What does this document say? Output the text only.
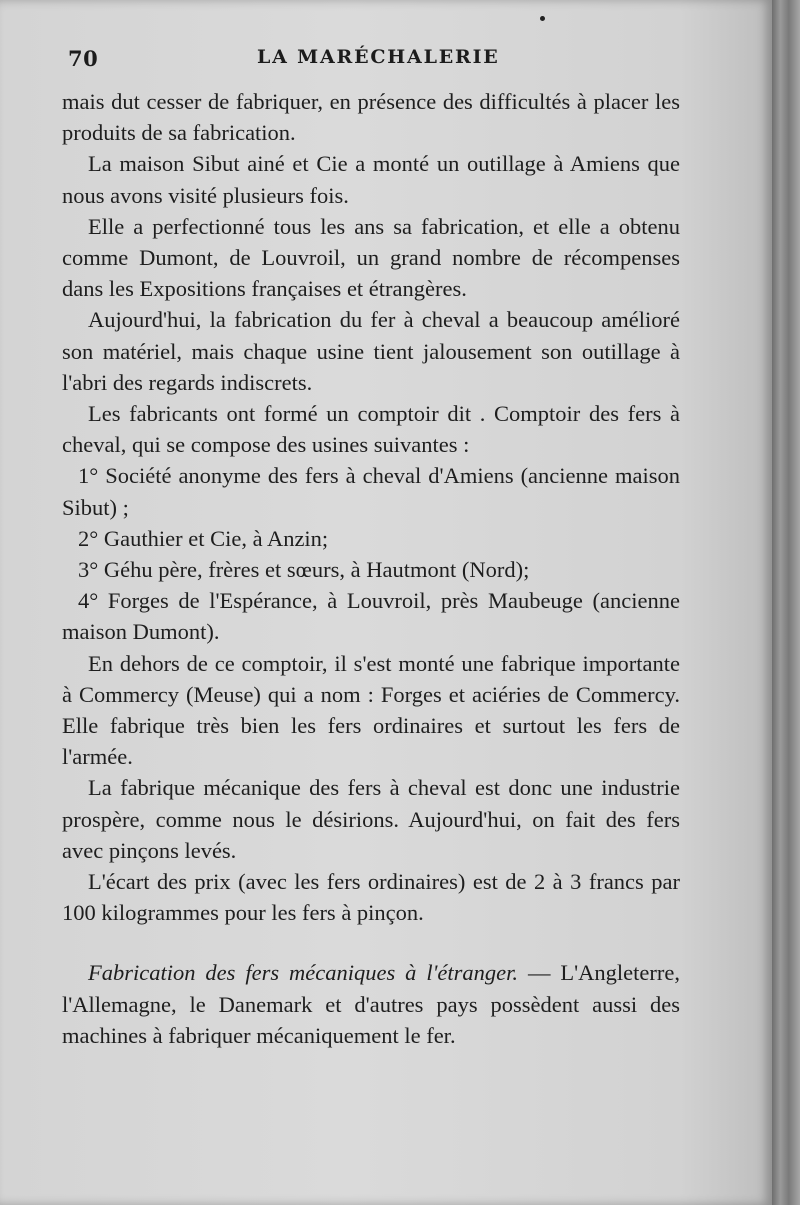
70	LA MARÉCHALERIE

mais dut cesser de fabriquer, en présence des difficultés à placer les produits de sa fabrication.

La maison Sibut ainé et Cie a monté un outillage à Amiens que nous avons visité plusieurs fois.

Elle a perfectionné tous les ans sa fabrication, et elle a obtenu comme Dumont, de Louvroil, un grand nombre de récompenses dans les Expositions françaises et étrangères.

Aujourd'hui, la fabrication du fer à cheval a beaucoup amélioré son matériel, mais chaque usine tient jalousement son outillage à l'abri des regards indiscrets.

Les fabricants ont formé un comptoir dit . Comptoir des fers à cheval, qui se compose des usines suivantes :

1° Société anonyme des fers à cheval d'Amiens (ancienne maison Sibut) ;

2° Gauthier et Cie, à Anzin;

3° Géhu père, frères et sœurs, à Hautmont (Nord);

4° Forges de l'Espérance, à Louvroil, près Maubeuge (ancienne maison Dumont).

En dehors de ce comptoir, il s'est monté une fabrique importante à Commercy (Meuse) qui a nom : Forges et aciéries de Commercy. Elle fabrique très bien les fers ordinaires et surtout les fers de l'armée.

La fabrique mécanique des fers à cheval est donc une industrie prospère, comme nous le désirions. Aujourd'hui, on fait des fers avec pinçons levés.

L'écart des prix (avec les fers ordinaires) est de 2 à 3 francs par 100 kilogrammes pour les fers à pinçon.

Fabrication des fers mécaniques à l'étranger. — L'Angleterre, l'Allemagne, le Danemark et d'autres pays possèdent aussi des machines à fabriquer mécaniquement le fer.
